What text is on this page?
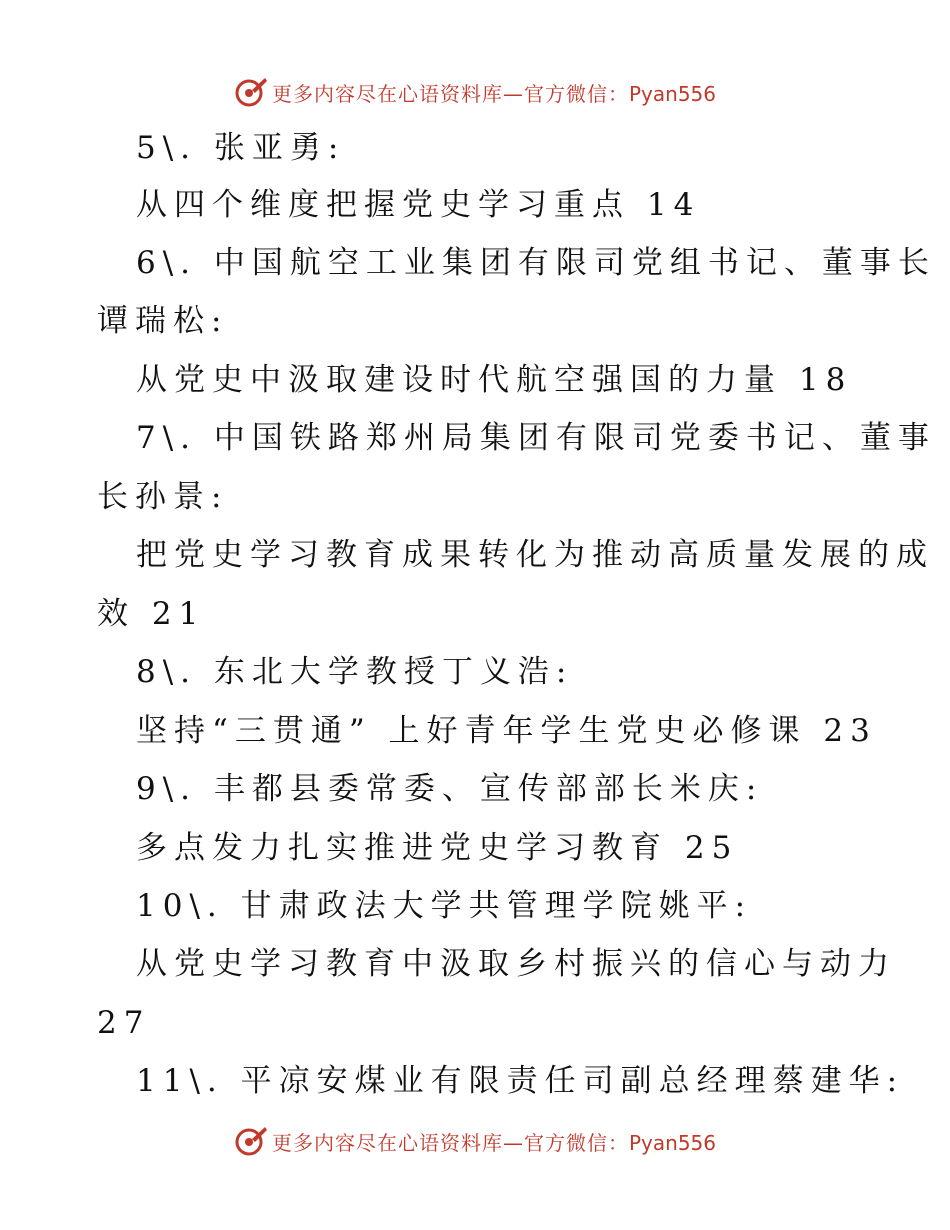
更多内容尽在心语资料库—官方微信：Pyan556
5\. 张亚勇:
从四个维度把握党史学习重点 14
6\. 中国航空工业集团有限司党组书记、董事长
谭瑞松:
从党史中汲取建设时代航空强国的力量 18
7\. 中国铁路郑州局集团有限司党委书记、董事
长孙景:
把党史学习教育成果转化为推动高质量发展的成
效 21
8\. 东北大学教授丁义浩:
坚持“三贯通” 上好青年学生党史必修课 23
9\. 丰都县委常委、宣传部部长米庆:
多点发力扎实推进党史学习教育 25
10\. 甘肃政法大学共管理学院姚平:
从党史学习教育中汲取乡村振兴的信心与动力
27
11\. 平凉安煤业有限责任司副总经理蔡建华:
更多内容尽在心语资料库—官方微信：Pyan556
